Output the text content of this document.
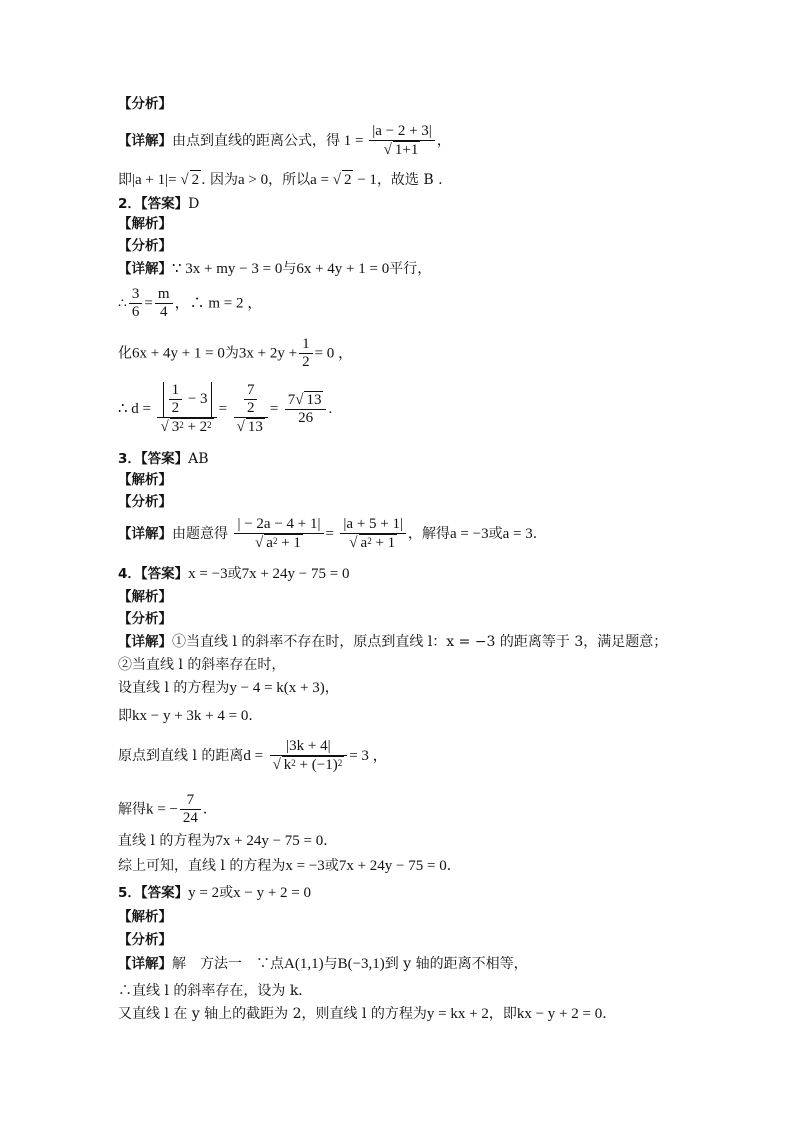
【分析】
【详解】由点到直线的距离公式，得 $1 = \frac{|a - 2 + 3|}{√ 1+1}$ ，
即|a + 1|= √ 2 . 因为a > 0，所以a = √ 2 − 1，故选 B .
2．【答案】D
【解析】
【分析】
【详解】∵ 3x + my − 3 = 0与6x + 4y + 1 = 0平行，
∴ $\frac{3}{6} = \frac{m}{4}$ ，∴ m = 2 ，
化6x + 4y + 1 = 0为$3x + 2y + \frac{1}{2} = 0$ ，
∴ $d = \frac{\frac{1}{2} - 3}{√ 3^2 + 2^2} = \frac{\frac{7}{2}}{√ 13} = \frac{7√ 13}{26}$ .
3．【答案】AB
【解析】
【分析】
【详解】由题意得 $\frac{| - 2a - 4 + 1|}{√ a^2 + 1} = \frac{|a + 5 + 1|}{√ a^2 + 1}$ ，解得a = −3或a = 3.
4．【答案】x = −3或7x + 24y − 75 = 0
【解析】
【分析】
【详解】①当直线 l 的斜率不存在时，原点到直线 l：x = −3 的距离等于 3，满足题意；
②当直线 l 的斜率存在时，
设直线 l 的方程为y − 4 = k(x + 3)，
即kx − y + 3k + 4 = 0．
原点到直线 l 的距离$d = \frac{|3k + 4|}{√ k^2 + (-1)^2} = 3$ ，
解得k = − $\frac{7}{24}$ ．
直线 l 的方程为7x + 24y − 75 = 0．
综上可知，直线 l 的方程为x = −3或7x + 24y − 75 = 0．
5．【答案】y = 2或x − y + 2 = 0
【解析】
【分析】
【详解】解　方法一　∵点A(1,1)与B(−3,1)到 y 轴的距离不相等，
∴直线 l 的斜率存在，设为 k．
又直线 l 在 y 轴上的截距为 2，则直线 l 的方程为y = kx + 2，即kx − y + 2 = 0．
